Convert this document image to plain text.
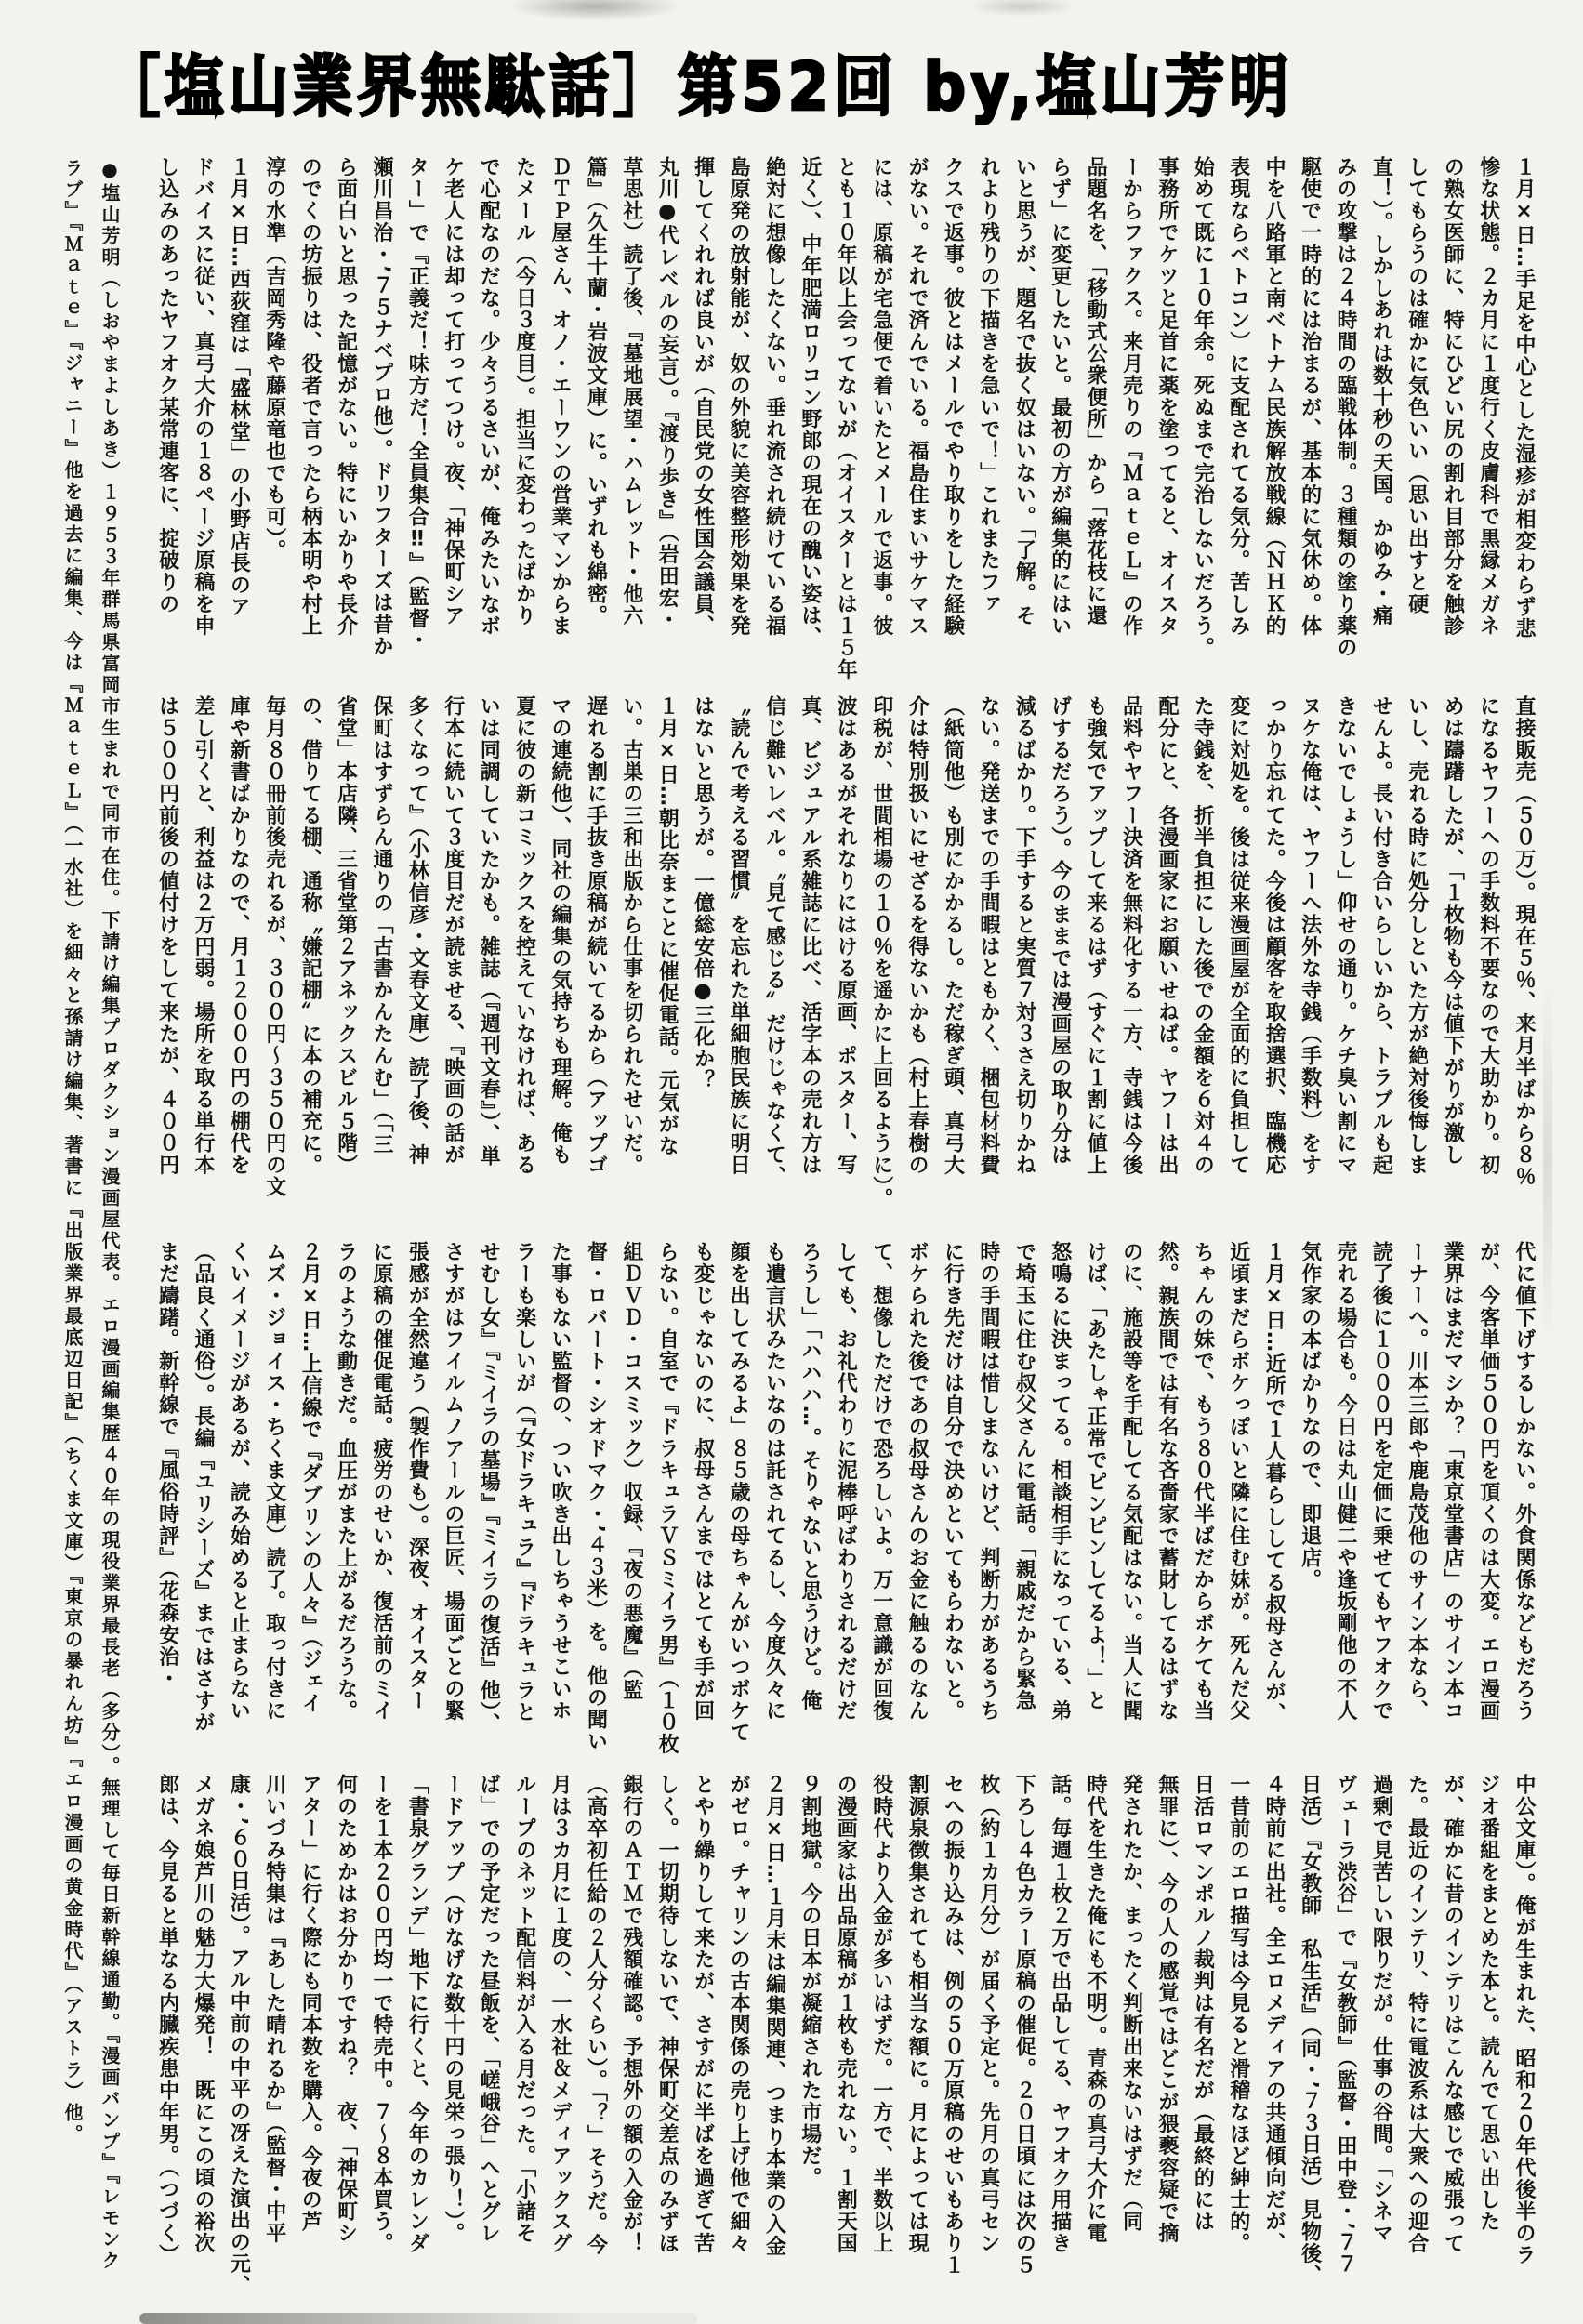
［塩山業界無駄話］第52回 by,塩山芳明
１月×日…手足を中心とした湿疹が相変わらず悲
惨な状態。２カ月に１度行く皮膚科で黒縁メガネ
の熟女医師に、特にひどい尻の割れ目部分を触診
してもらうのは確かに気色いい（思い出すと硬
直！）。しかしあれは数十秒の天国。かゆみ・痛
みの攻撃は２４時間の臨戦体制。３種類の塗り薬の
駆使で一時的には治まるが、基本的に気休め。体
中を八路軍と南ベトナム民族解放戦線（ＮＨＫ的
表現ならベトコン）に支配されてる気分。苦しみ
始めて既に１０年余。死ぬまで完治しないだろう。
事務所でケツと足首に薬を塗ってると、オイスタ
ーからファクス。来月売りの『ＭａｔｅＬ』の作
品題名を、「移動式公衆便所」から「落花枝に還
らず」に変更したいと。最初の方が編集的にはい
いと思うが、題名で抜く奴はいない。「了解。そ
れより残りの下描きを急いで！」これまたファ
クスで返事。彼とはメールでやり取りをした経験
がない。それで済んでいる。福島住まいサケマス
には、原稿が宅急便で着いたとメールで返事。彼
とも１０年以上会ってないが（オイスターとは１５年
近く）、中年肥満ロリコン野郎の現在の醜い姿は、
絶対に想像したくない。垂れ流され続けている福
島原発の放射能が、奴の外貌に美容整形効果を発
揮してくれれば良いが（自民党の女性国会議員、
丸川●代レベルの妄言）。『渡り歩き』（岩田宏・
草思社）読了後、『墓地展望・ハムレット・他六
篇』（久生十蘭・岩波文庫）に。いずれも綿密。
ＤＴＰ屋さん、オノ・エーワンの営業マンからま
たメール（今日３度目）。担当に変わったばかり
で心配なのだな。少々うるさいが、俺みたいなボ
ケ老人には却って打ってつけ。夜、「神保町シア
ター」で『正義だ！味方だ！全員集合‼』（監督・
瀬川昌治・’７５ナベプロ他）。ドリフターズは昔か
ら面白いと思った記憶がない。特にいかりや長介
のでくの坊振りは、役者で言ったら柄本明や村上
淳の水準（吉岡秀隆や藤原竜也でも可）。
１月×日…西荻窪は「盛林堂」の小野店長のア
ドバイスに従い、真弓大介の１８ページ原稿を申
し込みのあったヤフオク某常連客に、掟破りの
直接販売（５０万）。現在５％、来月半ばから８％
になるヤフーへの手数料不要なので大助かり。初
めは躊躇したが、「１枚物も今は値下がりが激し
いし、売れる時に処分しといた方が絶対後悔しま
せんよ。長い付き合いらしいから、トラブルも起
きないでしょうし」仰せの通り。ケチ臭い割にマ
ヌケな俺は、ヤフーへ法外な寺銭（手数料）をす
っかり忘れてた。今後は顧客を取捨選択、臨機応
変に対処を。後は従来漫画屋が全面的に負担して
た寺銭を、折半負担にした後での金額を６対４の
配分にと、各漫画家にお願いせねば。ヤフーは出
品料やヤフー決済を無料化する一方、寺銭は今後
も強気でアップして来るはず（すぐに１割に値上
げするだろう）。今のままでは漫画屋の取り分は
減るばかり。下手すると実質７対３さえ切りかね
ない。発送までの手間暇はともかく、梱包材料費
（紙筒他）も別にかかるし。ただ稼ぎ頭、真弓大
介は特別扱いにせざるを得ないかも（村上春樹の
印税が、世間相場の１０％を遥かに上回るように）。
波はあるがそれなりにはける原画、ポスター、写
真、ビジュアル系雑誌に比べ、活字本の売れ方は
信じ難いレベル。〝見て感じる〟だけじゃなくて、
〝読んで考える習慣〟を忘れた単細胞民族に明日
はないと思うが。一億総安倍●三化か？
１月×日…朝比奈まことに催促電話。元気がな
い。古巣の三和出版から仕事を切られたせいだ。
遅れる割に手抜き原稿が続いてるから（アップゴ
マの連続他）、同社の編集の気持ちも理解。俺も
夏に彼の新コミックスを控えていなければ、ある
いは同調していたかも。雑誌（『週刊文春』）、単
行本に続いて３度目だが読ませる、『映画の話が
多くなって』（小林信彦・文春文庫）読了後、神
保町はすずらん通りの「古書かんたんむ」（「三
省堂」本店隣、三省堂第２アネックスビル５階）
の、借りてる棚、通称〝嫌記棚〟に本の補充に。
毎月８０冊前後売れるが、３００円～３５０円の文
庫や新書ばかりなので、月１２０００円の棚代を
差し引くと、利益は２万円弱。場所を取る単行本
は５００円前後の値付けをして来たが、４００円
代に値下げするしかない。外食関係などもだろう
が、今客単価５００円を頂くのは大変。エロ漫画
業界はまだマシか？「東京堂書店」のサイン本コ
ーナーへ。川本三郎や鹿島茂他のサイン本なら、
読了後に１０００円を定価に乗せてもヤフオクで
売れる場合も。今日は丸山健二や逢坂剛他の不人
気作家の本ばかりなので、即退店。
１月×日…近所で１人暮らししてる叔母さんが、
近頃まだらボケっぽいと隣に住む妹が。死んだ父
ちゃんの妹で、もう８０代半ばだからボケても当
然。親族間では有名な吝嗇家で蓄財してるはずな
のに、施設等を手配してる気配はない。当人に聞
けば、「あたしゃ正常でピンピンしてるよ！」と
怒鳴るに決まってる。相談相手になっている、弟
で埼玉に住む叔父さんに電話。「親戚だから緊急
時の手間暇は惜しまないけど、判断力があるうち
に行き先だけは自分で決めといてもらわないと。
ボケられた後であの叔母さんのお金に触るのなん
て、想像しただけで恐ろしいよ。万一意識が回復
しても、お礼代わりに泥棒呼ばわりされるだけだ
ろうし」「ハハハ…。そりゃないと思うけど。俺
も遺言状みたいなのは託されてるし、今度久々に
顔を出してみるよ」８５歳の母ちゃんがいつボケて
も変じゃないのに、叔母さんまではとても手が回
らない。自室で『ドラキュラＶＳミイラ男』（１０枚
組ＤＶＤ・コスミック）収録、『夜の悪魔』（監
督・ロバート・シオドマク・’４３米）を。他の聞い
た事もない監督の、つい吹き出しちゃうせこいホ
ラーも楽しいが（『女ドラキュラ』『ドラキュラと
せむし女』『ミイラの墓場』『ミイラの復活』他）、
さすがはフイルムノアールの巨匠、場面ごとの緊
張感が全然違う（製作費も）。深夜、オイスター
に原稿の催促電話。疲労のせいか、復活前のミイ
ラのような動きだ。血圧がまた上がるだろうな。
２月×日…上信線で『ダブリンの人々』（ジェイ
ムズ・ジョイス・ちくま文庫）読了。取っ付きに
くいイメージがあるが、読み始めると止まらない
（品良く通俗）。長編『ユリシーズ』まではさすが
まだ躊躇。新幹線で『風俗時評』（花森安治・
中公文庫）。俺が生まれた、昭和２０年代後半のラ
ジオ番組をまとめた本と。読んでて思い出した
が、確かに昔のインテリはこんな感じで威張って
た。最近のインテリ、特に電波系は大衆への迎合
過剰で見苦しい限りだが。仕事の谷間。「シネマ
ヴェーラ渋谷」で『女教師』（監督・田中登・’７７
日活）『女教師　私生活』（同・’７３日活）見物後、
４時前に出社。全エロメディアの共通傾向だが、
一昔前のエロ描写は今見ると滑稽なほど紳士的。
日活ロマンポルノ裁判は有名だが（最終的には
無罪に）、今の人の感覚ではどこが猥褻容疑で摘
発されたか、まったく判断出来ないはずだ（同
時代を生きた俺にも不明）。青森の真弓大介に電
話。毎週１枚２万で出品してる、ヤフオク用描き
下ろし４色カラー原稿の催促。２０日頃には次の５
枚（約１カ月分）が届く予定と。先月の真弓セン
セへの振り込みは、例の５０万原稿のせいもあり１
割源泉徴集されても相当な額に。月によっては現
役時代より入金が多いはずだ。一方で、半数以上
の漫画家は出品原稿が１枚も売れない。１割天国
９割地獄。今の日本が凝縮された市場だ。
２月×日…１月末は編集関連、つまり本業の入金
がゼロ。チャリンの古本関係の売り上げ他で細々
とやり繰りして来たが、さすがに半ばを過ぎて苦
しく。一切期待しないで、神保町交差点のみずほ
銀行のＡＴＭで残額確認。予想外の額の入金が！
（高卒初任給の２人分くらい）。「？」そうだ。今
月は３カ月に１度の、一水社＆メディアックスグ
ループのネット配信料が入る月だった。「小諸そ
ば」での予定だった昼飯を、「嵯峨谷」へとグレ
ードアップ（けなげな数十円の見栄っ張り！）。
「書泉グランデ」地下に行くと、今年のカレンダ
ーを１本２００円均一で特売中。７～８本買う。
何のためかはお分かりですね？　夜、「神保町シ
アター」に行く際にも同本数を購入。今夜の芦
川いづみ特集は『あした晴れるか』（監督・中平
康・’６０日活）。アル中前の中平の冴えた演出の元、
メガネ娘芦川の魅力大爆発！　既にこの頃の裕次
郎は、今見ると単なる内臓疾患中年男。（つづく）
●塩山芳明（しおやまよしあき）１９５３年群馬県富岡市生まれで同市在住。下請け編集プロダクション漫画屋代表。エロ漫画編集歴４０年の現役業界最長老（多分）。無理して毎日新幹線通勤。『漫画バンプ』『レモンク
ラブ』『Ｍａｔｅ』『ジャニー』他を過去に編集、今は『ＭａｔｅＬ』（一水社）を細々と孫請け編集、著書に『出版業界最底辺日記』（ちくま文庫）『東京の暴れん坊』『エロ漫画の黄金時代』（アストラ）他。
